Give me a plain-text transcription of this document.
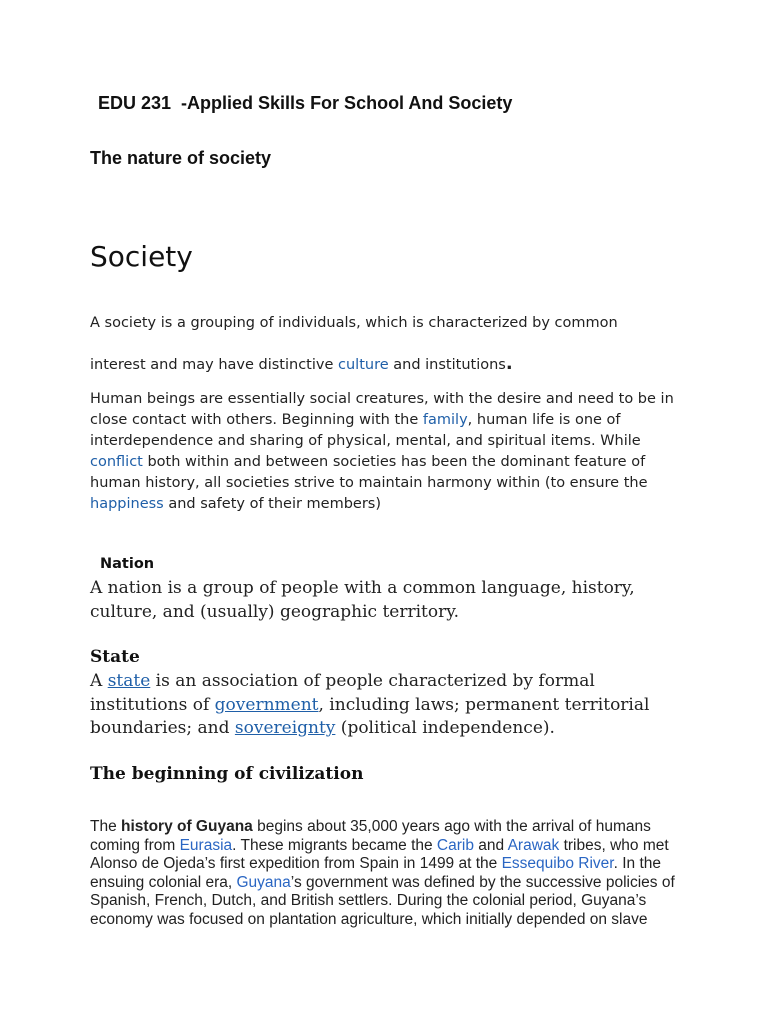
EDU 231  -Applied Skills For School And Society
The nature of society
Society

A society is a grouping of individuals, which is characterized by common

interest and may have distinctive culture and institutions.

Human beings are essentially social creatures, with the desire and need to be in close contact with others. Beginning with the family, human life is one of interdependence and sharing of physical, mental, and spiritual items. While conflict both within and between societies has been the dominant feature of human history, all societies strive to maintain harmony within (to ensure the happiness and safety of their members)

Nation

A nation is a group of people with a common language, history, culture, and (usually) geographic territory.

State

A state is an association of people characterized by formal institutions of government, including laws; permanent territorial boundaries; and sovereignty (political independence).

The beginning of civilization

The history of Guyana begins about 35,000 years ago with the arrival of humans coming from Eurasia. These migrants became the Carib and Arawak tribes, who met Alonso de Ojeda’s first expedition from Spain in 1499 at the Essequibo River. In the ensuing colonial era, Guyana’s government was defined by the successive policies of Spanish, French, Dutch, and British settlers. During the colonial period, Guyana’s economy was focused on plantation agriculture, which initially depended on slave
